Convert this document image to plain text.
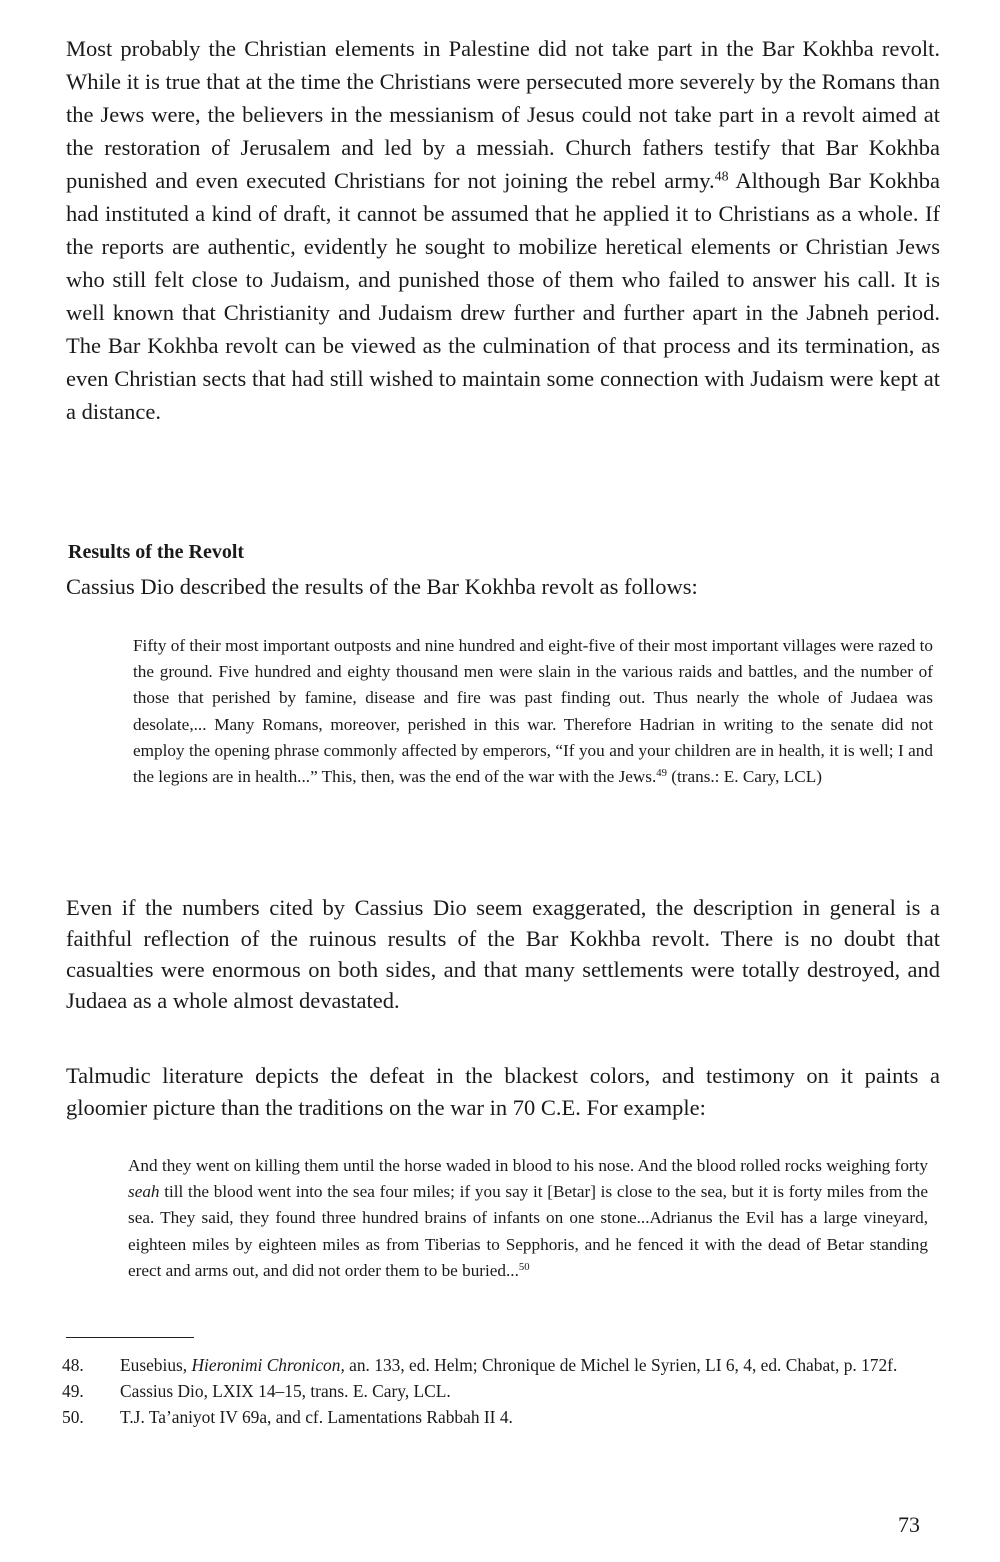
Most probably the Christian elements in Palestine did not take part in the Bar Kokhba revolt. While it is true that at the time the Christians were persecuted more severely by the Romans than the Jews were, the believers in the messianism of Jesus could not take part in a revolt aimed at the restoration of Jerusalem and led by a messiah. Church fathers testify that Bar Kokhba punished and even executed Christians for not joining the rebel army.$^{48}$ Although Bar Kokhba had instituted a kind of draft, it cannot be assumed that he applied it to Christians as a whole. If the reports are authentic, evidently he sought to mobilize heretical elements or Christian Jews who still felt close to Judaism, and punished those of them who failed to answer his call. It is well known that Christianity and Judaism drew further and further apart in the Jabneh period. The Bar Kokhba revolt can be viewed as the culmination of that process and its termination, as even Christian sects that had still wished to maintain some connection with Judaism were kept at a distance.

Results of the Revolt

Cassius Dio described the results of the Bar Kokhba revolt as follows:

Fifty of their most important outposts and nine hundred and eight-five of their most important villages were razed to the ground. Five hundred and eighty thousand men were slain in the various raids and battles, and the number of those that perished by famine, disease and fire was past finding out. Thus nearly the whole of Judaea was desolate,... Many Romans, moreover, perished in this war. Therefore Hadrian in writing to the senate did not employ the opening phrase commonly affected by emperors, “If you and your children are in health, it is well; I and the legions are in health...” This, then, was the end of the war with the Jews.$^{49}$ (trans.: E. Cary, LCL)

Even if the numbers cited by Cassius Dio seem exaggerated, the description in general is a faithful reflection of the ruinous results of the Bar Kokhba revolt. There is no doubt that casualties were enormous on both sides, and that many settlements were totally destroyed, and Judaea as a whole almost devastated.

Talmudic literature depicts the defeat in the blackest colors, and testimony on it paints a gloomier picture than the traditions on the war in 70 C.E. For example:

And they went on killing them until the horse waded in blood to his nose. And the blood rolled rocks weighing forty seah till the blood went into the sea four miles; if you say it [Betar] is close to the sea, but it is forty miles from the sea. They said, they found three hundred brains of infants on one stone...Adrianus the Evil has a large vineyard, eighteen miles by eighteen miles as from Tiberias to Sepphoris, and he fenced it with the dead of Betar standing erect and arms out, and did not order them to be buried...$^{50}$

48. Eusebius, Hieronimi Chronicon, an. 133, ed. Helm; Chronique de Michel le Syrien, LI 6, 4, ed. Chabat, p. 172f.

49. Cassius Dio, LXIX 14–15, trans. E. Cary, LCL.

50. T.J. Ta’aniyot IV 69a, and cf. Lamentations Rabbah II 4.

73
